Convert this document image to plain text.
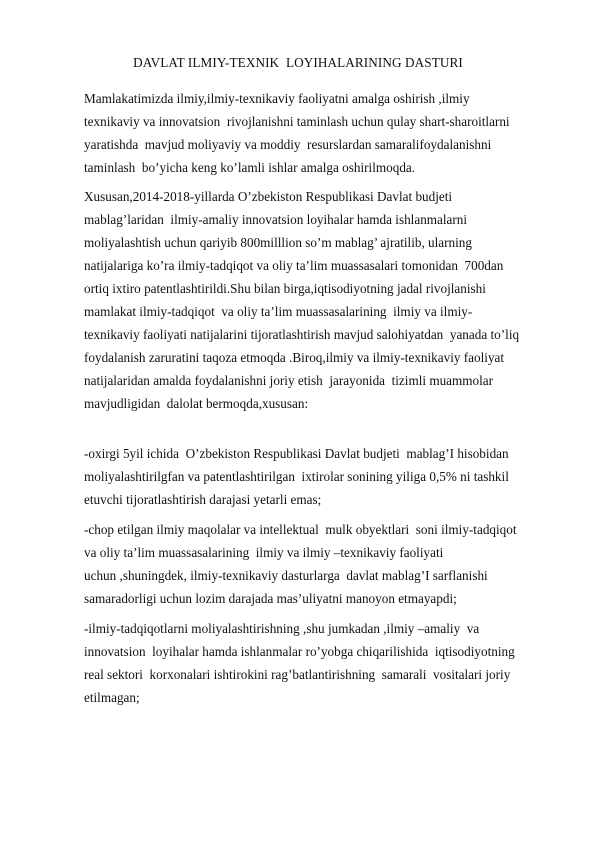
DAVLAT ILMIY-TEXNIK  LOYIHALARINING DASTURI
Mamlakatimizda ilmiy,ilmiy-texnikaviy faoliyatni amalga oshirish ,ilmiy
texnikaviy va innovatsion  rivojlanishni taminlash uchun qulay shart-sharoitlarni
yaratishda  mavjud moliyaviy va moddiy  resurslardan samaralifoydalanishni
taminlash  bo’yicha keng ko’lamli ishlar amalga oshirilmoqda.
Xususan,2014-2018-yillarda O’zbekiston Respublikasi Davlat budjeti
mablag’laridan  ilmiy-amaliy innovatsion loyihalar hamda ishlanmalarni
moliyalashtish uchun qariyib 800milllion so’m mablag’ ajratilib, ularning
natijalariga ko’ra ilmiy-tadqiqot va oliy ta’lim muassasalari tomonidan  700dan
ortiq ixtiro patentlashtirildi.Shu bilan birga,iqtisodiyotning jadal rivojlanishi
mamlakat ilmiy-tadqiqot  va oliy ta’lim muassasalarining  ilmiy va ilmiy-
texnikaviy faoliyati natijalarini tijoratlashtirish mavjud salohiyatdan  yanada to’liq
foydalanish zaruratini taqoza etmoqda .Biroq,ilmiy va ilmiy-texnikaviy faoliyat
natijalaridan amalda foydalanishni joriy etish  jarayonida  tizimli muammolar
mavjudligidan  dalolat bermoqda,xususan:
-oxirgi 5yil ichida  O’zbekiston Respublikasi Davlat budjeti  mablag’I hisobidan
moliyalashtirilgfan va patentlashtirilgan  ixtirolar sonining yiliga 0,5% ni tashkil
etuvchi tijoratlashtirish darajasi yetarli emas;
-chop etilgan ilmiy maqolalar va intellektual  mulk obyektlari  soni ilmiy-tadqiqot
va oliy ta’lim muassasalarining  ilmiy va ilmiy –texnikaviy faoliyati
uchun ,shuningdek, ilmiy-texnikaviy dasturlarga  davlat mablag’I sarflanishi
samaradorligi uchun lozim darajada mas’uliyatni manoyon etmayapdi;
-ilmiy-tadqiqotlarni moliyalashtirishning ,shu jumkadan ,ilmiy –amaliy  va
innovatsion  loyihalar hamda ishlanmalar ro’yobga chiqarilishida  iqtisodiyotning
real sektori  korxonalari ishtirokini rag’batlantirishning  samarali  vositalari joriy
etilmagan;
